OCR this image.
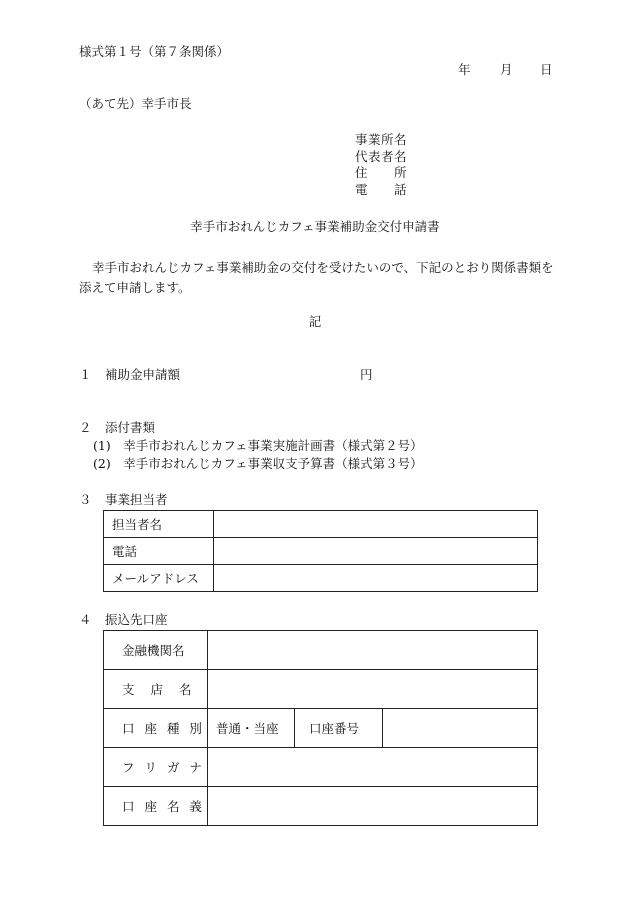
様式第１号（第７条関係）
年 月 日
（あて先）幸手市長
事業所名
代表者名
住　　所
電　　話
幸手市おれんじカフェ事業補助金交付申請書
幸手市おれんじカフェ事業補助金の交付を受けたいので、下記のとおり関係書類を添えて申請します。
記
１ 補助金申請額	円
２ 添付書類
(1)　幸手市おれんじカフェ事業実施計画書（様式第２号）
(2)　幸手市おれんじカフェ事業収支予算書（様式第３号）
３ 事業担当者
担当者名	
電話	
メールアドレス	
４ 振込先口座
金融機関名			
支 店 名			
口 座 種 別	普通・当座	口座番号	
フ リ ガ ナ			
口 座 名 義			
